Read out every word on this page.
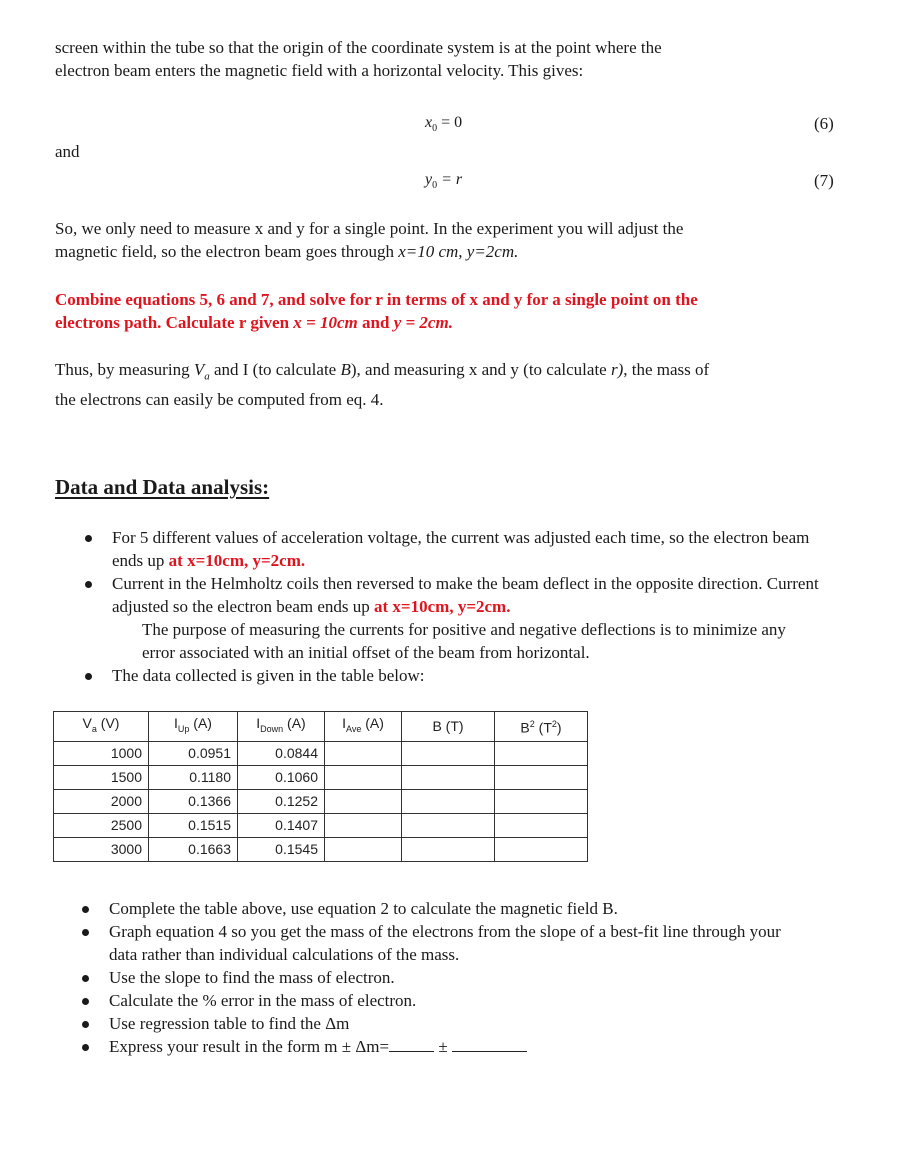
screen within the tube so that the origin of the coordinate system is at the point where the
electron beam enters the magnetic field with a horizontal velocity. This gives:
$x_0 = 0$	(6)
and
$y_0 = r$	(7)
So, we only need to measure x and y for a single point. In the experiment you will adjust the
magnetic field, so the electron beam goes through x=10 cm, y=2cm.
Combine equations 5, 6 and 7, and solve for r in terms of x and y for a single point on the
electrons path. Calculate r given x = 10cm and y = 2cm.
Thus, by measuring $V_a$ and I (to calculate B), and measuring x and y (to calculate r), the mass of
the electrons can easily be computed from eq. 4.
Data and Data analysis:
For 5 different values of acceleration voltage, the current was adjusted each time, so the electron beam ends up at x=10cm, y=2cm.
Current in the Helmholtz coils then reversed to make the beam deflect in the opposite direction. Current adjusted so the electron beam ends up at x=10cm, y=2cm.
The purpose of measuring the currents for positive and negative deflections is to minimize any error associated with an initial offset of the beam from horizontal.
The data collected is given in the table below:
$V_a$ (V)	$I_{Up}$ (A)	$I_{Down}$ (A)	$I_{Ave}$ (A)	B (T)	$B^2$ $(T^2)$
1000	0.0951	0.0844			
1500	0.1180	0.1060			
2000	0.1366	0.1252			
2500	0.1515	0.1407			
3000	0.1663	0.1545			
Complete the table above, use equation 2 to calculate the magnetic field B.
Graph equation 4 so you get the mass of the electrons from the slope of a best-fit line through your data rather than individual calculations of the mass.
Use the slope to find the mass of electron.
Calculate the % error in the mass of electron.
Use regression table to find the Δm
Express your result in the form m ± Δm=	±
